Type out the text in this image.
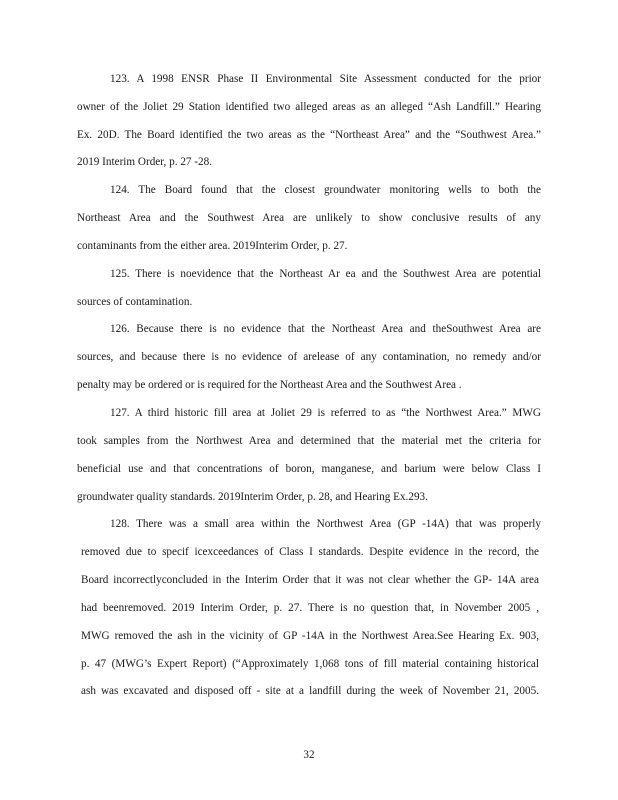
123. A 1998 ENSR Phase II Environmental Site Assessment conducted for the prior
owner of the Joliet 29 Station identified two alleged areas as an alleged “Ash Landfill.” Hearing
Ex. 20D. The Board identified the two areas as the “Northeast Area” and the “Southwest Area.”
2019 Interim Order, p. 27 -28.
124. The Board found that the closest groundwater monitoring wells to both the
Northeast Area and the Southwest Area are unlikely to show conclusive results of any
contaminants from the either area. 2019Interim Order, p. 27.
125. There is noevidence that the Northeast Ar ea and the Southwest Area are potential
sources of contamination.
126. Because there is no evidence that the Northeast Area and theSouthwest Area are
sources, and because there is no evidence of arelease of any contamination, no remedy and/or
penalty may be ordered or is required for the Northeast Area and the Southwest Area .
127. A third historic fill area at Joliet 29 is referred to as “the Northwest Area.” MWG
took samples from the Northwest Area and determined that the material met the criteria for
beneficial use and that concentrations of boron, manganese, and barium were below Class I
groundwater quality standards. 2019Interim Order, p. 28, and Hearing Ex.293.
128. There was a small area within the Northwest Area (GP -14A) that was properly
removed due to specif icexceedances of Class I standards. Despite evidence in the record, the
Board incorrectlyconcluded in the Interim Order that it was not clear whether the GP- 14A area
had beenremoved. 2019 Interim Order, p. 27. There is no question that, in November 2005 ,
MWG removed the ash in the vicinity of GP -14A in the Northwest Area.See Hearing Ex. 903,
p. 47 (MWG’s Expert Report) (“Approximately 1,068 tons of fill material containing historical
ash was excavated and disposed off - site at a landfill during the week of November 21, 2005.
32
